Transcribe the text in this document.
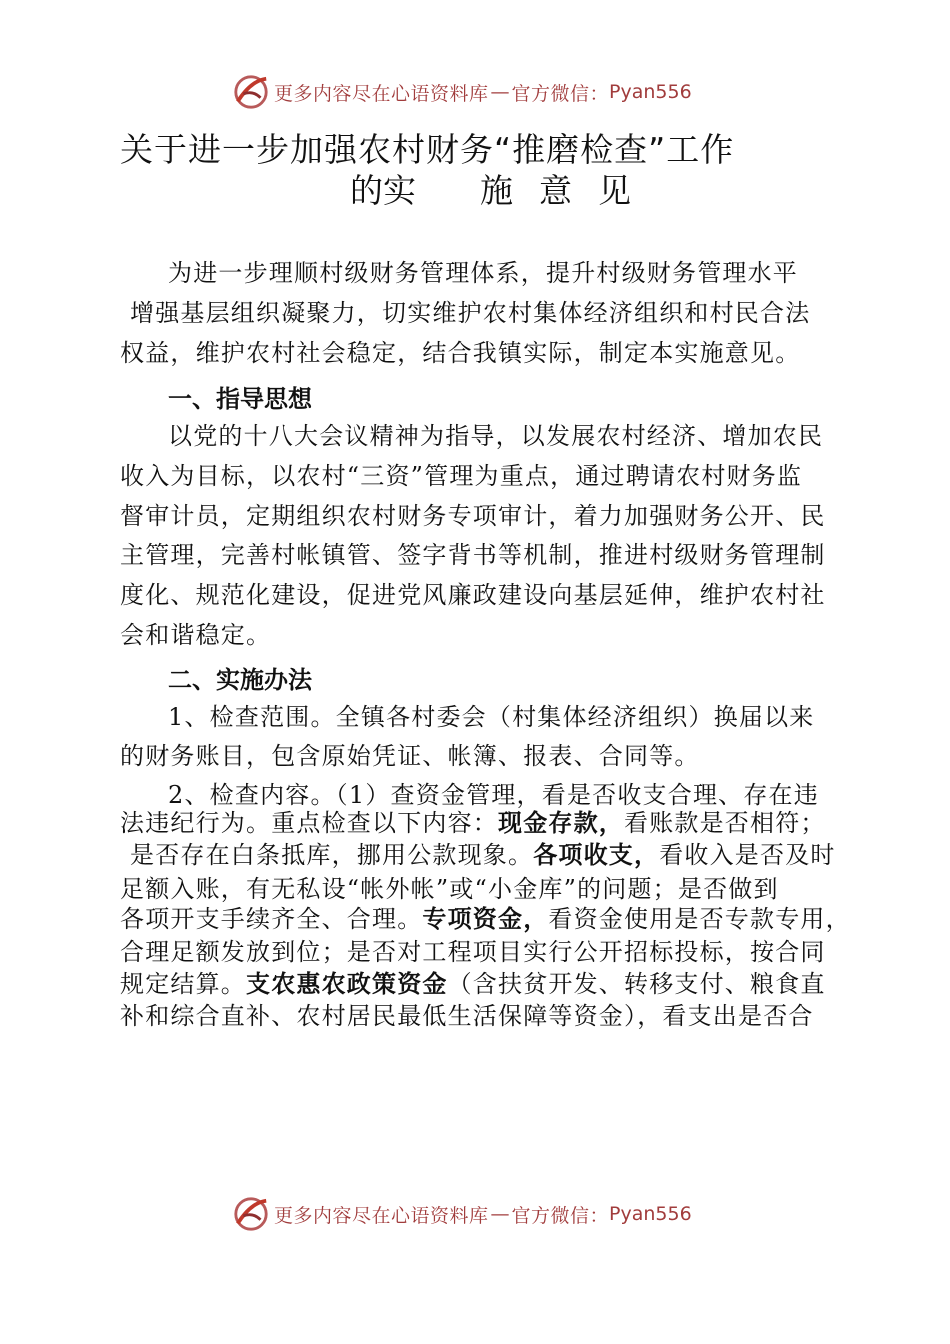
更多内容尽在心语资料库 — 官方微信： Pyan556
关于进一步加强农村财务“推磨检查”工作
的实 施 意 见
为进一步理顺村级财务管理体系，提升村级财务管理水平
增强基层组织凝聚力，切实维护农村集体经济组织和村民合法
权益，维护农村社会稳定，结合我镇实际，制定本实施意见。
一、指导思想
以党的十八大会议精神为指导，以发展农村经济、增加农民
收入为目标，以农村“三资”管理为重点，通过聘请农村财务监
督审计员，定期组织农村财务专项审计，着力加强财务公开、民
主管理，完善村帐镇管、签字背书等机制，推进村级财务管理制
度化、规范化建设，促进党风廉政建设向基层延伸，维护农村社
会和谐稳定。
二、实施办法
1、检查范围。全镇各村委会（村集体经济组织）换届以来
的财务账目，包含原始凭证、帐簿、报表、合同等。
2、检查内容。（1）查资金管理，看是否收支合理、存在违
法违纪行为。重点检查以下内容：现金存款，看账款是否相符；
是否存在白条抵库，挪用公款现象。各项收支，看收入是否及时
足额入账，有无私设“帐外帐”或“小金库”的问题；是否做到
各项开支手续齐全、合理。专项资金，看资金使用是否专款专用，
合理足额发放到位；是否对工程项目实行公开招标投标，按合同
规定结算。支农惠农政策资金（含扶贫开发、转移支付、粮食直
补和综合直补、农村居民最低生活保障等资金），看支出是否合
更多内容尽在心语资料库 — 官方微信： Pyan556
